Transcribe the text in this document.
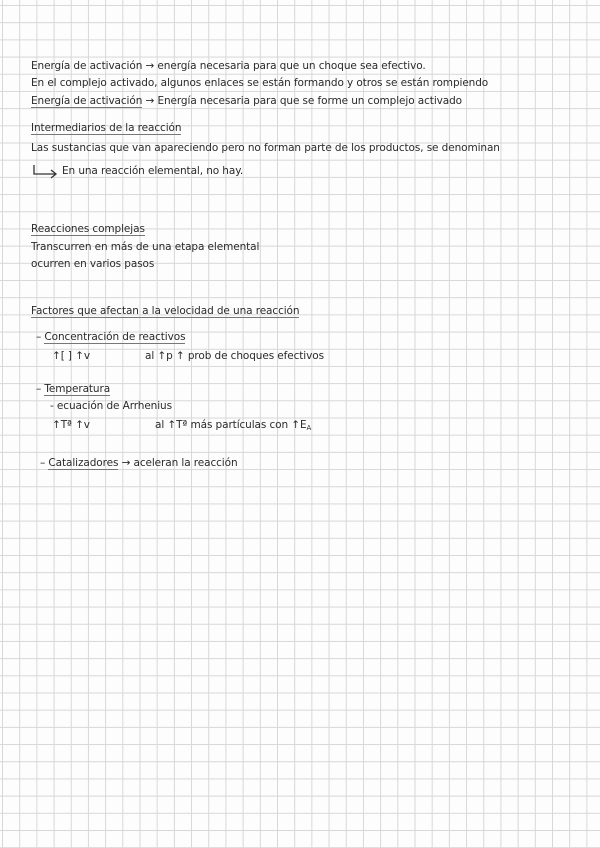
Energía de activación → energía necesaria para que un choque sea efectivo.
En el complejo activado, algunos enlaces se están formando y otros se están rompiendo
Energía de activación → Energía necesaria para que se forme un complejo activado
Intermediarios de la reacción
Las sustancias que van apareciendo pero no forman parte de los productos, se denominan
En una reacción elemental, no hay.
Reacciones complejas
Transcurren en más de una etapa elemental
ocurren en varios pasos
Factores que afectan a la velocidad de una reacción
– Concentración de reactivos
↑[ ] ↑v	al ↑p ↑ prob de choques efectivos
– Temperatura
- ecuación de Arrhenius
↑Tª ↑v	al ↑Tª más partículas con $↑E_A$
– Catalizadores → aceleran la reacción
